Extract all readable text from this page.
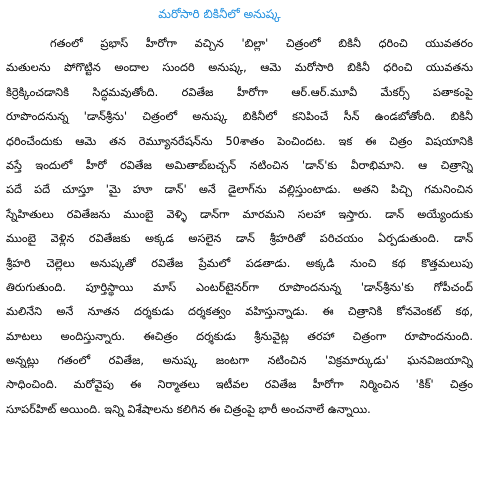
మరోసారి బికినీలో అనుష్క
గతంలో ప్రభాస్ హీరోగా వచ్చిన 'బిల్లా' చిత్రంలో బికినీ ధరించి యువతరం
మతులను పోగొట్టిన అందాల సుందరి అనుష్క, ఆమె మరోసారి బికినీ ధరించి యువతను
కిర్రెక్కించడానికి సిద్ధమవుతోంది. రవితేజ హీరోగా ఆర్.ఆర్.మూవీ మేకర్స్ పతాకంపై
రూపొందనున్న 'డాన్‌శ్రీను' చిత్రంలో అనుష్క బికినీలో కనిపించే సీన్ ఉండబోతోంది. బికినీ
ధరించేందుకు ఆమె తన రెమ్యూనరేషన్‌ను 50శాతం పెంచిందట. ఇక ఈ చిత్రం విషయానికి
వస్తే ఇందులో హీరో రవితేజ అమితాబ్‌బచ్చన్ నటించిన 'డాన్'కు వీరాభిమాని. ఆ చిత్రాన్ని
పదే పదే చూస్తూ 'మై హూ డాన్' అనే డైలాగ్‌ను వల్లిస్తుంటాడు. అతని పిచ్చి గమనించిన
స్నేహితులు రవితేజను ముంబై వెళ్ళి డాన్‌గా మారమని సలహా ఇస్తారు. డాన్ అయ్యేందుకు
ముంబై వెళ్లిన రవితేజకు అక్కడ అసలైన డాన్ శ్రీహరితో పరిచయం ఏర్పడుతుంది. డాన్
శ్రీహరి చెల్లెలు అనుష్కతో రవితేజ ప్రేమలో పడతాడు. అక్కడి నుంచి కథ కొత్తమలుపు
తిరుగుతుంది. పూర్తిస్థాయి మాస్ ఎంటర్‌టైనర్‌గా రూపొందనున్న 'డాన్‌శ్రీను'కు గోపీచంద్
మలినేని అనే నూతన దర్శకుడు దర్శకత్వం వహిస్తున్నాడు. ఈ చిత్రానికి కోనవెంకట్ కథ,
మాటలు అందిస్తున్నారు. ఈచిత్రం దర్శకుడు శ్రీనువైట్ల తరహా చిత్రంగా రూపొందనుంది.
అన్నట్లు గతంలో రవితేజ, అనుష్క జంటగా నటించిన 'విక్రమార్కుడు' ఘనవిజయాన్ని
సాధించింది. మరోవైపు ఈ నిర్మాతలు ఇటీవల రవితేజ హీరోగా నిర్మించిన 'కిక్' చిత్రం
సూపర్‌హిట్ అయింది. ఇన్ని విశేషాలను కలిగిన ఈ చిత్రంపై భారీ అంచనాలే ఉన్నాయి.
